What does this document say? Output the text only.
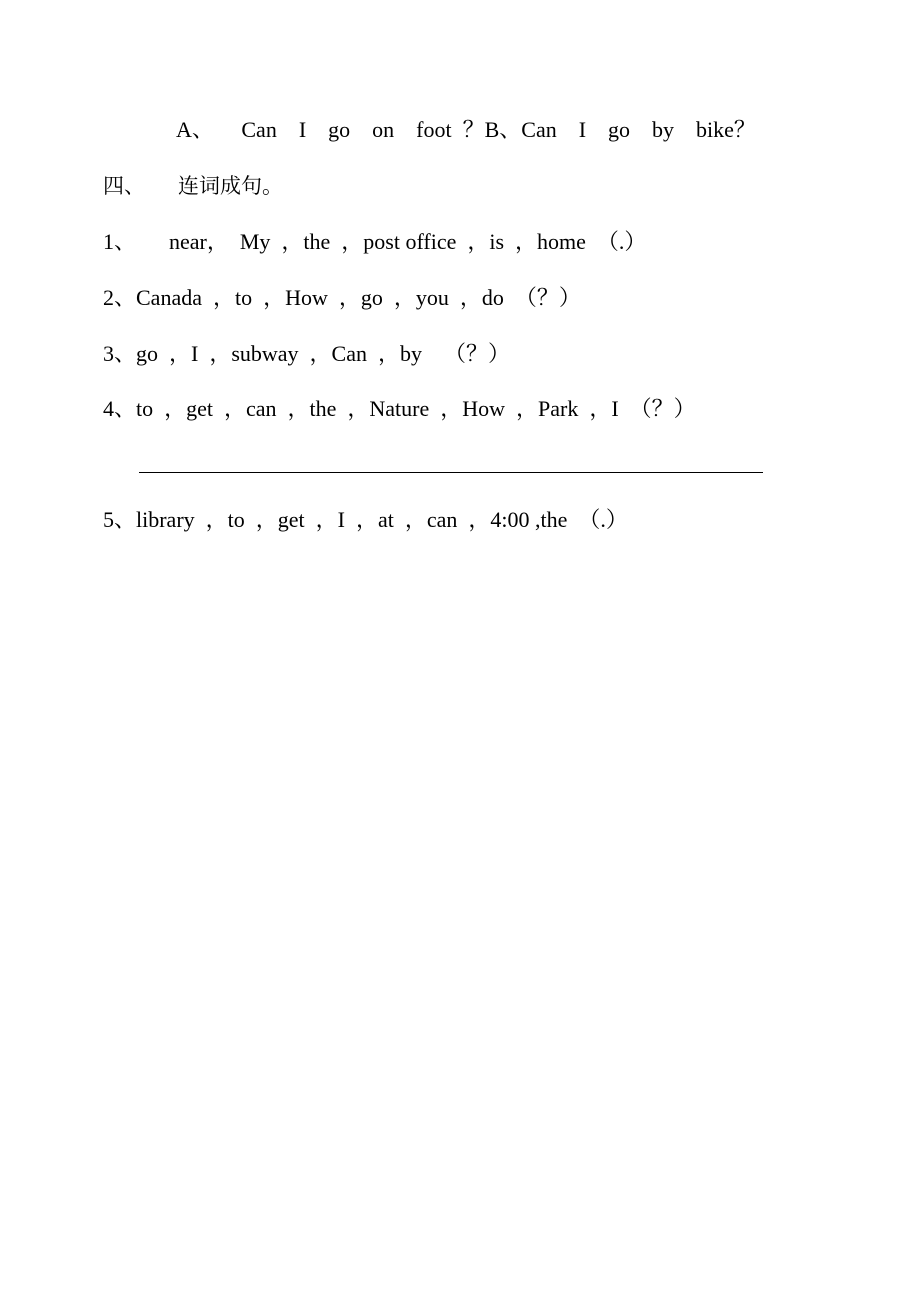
A、     Can    I    go    on    foot  ？B、Can    I    go    by    bike？
四、 连词成句。
1、      near，  My  ，the  ，post office  ，is  ，home  （.）
2、Canada  ，to  ，How  ，go  ，you  ，do  （？）
3、go  ，I  ，subway  ，Can  ，by    （？）
4、to  ，get  ，can  ，the  ，Nature  ，How  ，Park  ，I  （？）
5、library  ，to  ，get  ，I  ，at  ，can  ，4:00 ,the  （.）
